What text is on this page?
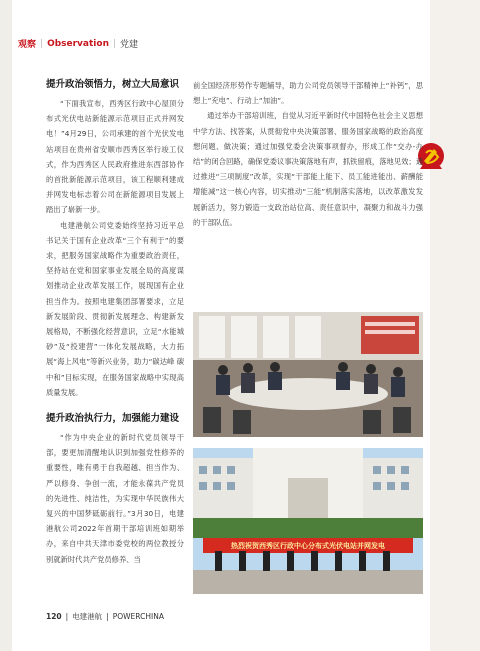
观察 | Observation | 党建
提升政治领悟力，树立大局意识

“下面我宣布，西秀区行政中心屋顶分布式光伏电站新能源示范项目正式并网发电！”4月29日，公司承建的首个光伏发电站项目在贵州省安顺市西秀区举行竣工仪式，作为西秀区人民政府推进东西部协作的首批新能源示范项目，该工程顺利建成并网发电标志着公司在新能源项目发展上踏出了崭新一步。

电建港航公司党委始终坚持习近平总书记关于国有企业改革“三个有利于”的要求，把服务国家战略作为重要政治责任，坚持站在党和国家事业发展全局的高度谋划推动企业改革发展工作，展现国有企业担当作为。按照电建集团部署要求，立足新发展阶段、贯彻新发展理念、构建新发展格局，不断强化经营意识，立足“水能城砂”及“投建营”一体化发展战略，大力拓展“海上风电”等新兴业务，助力“碳达峰 碳中和”目标实现，在服务国家战略中实现高质量发展。

提升政治执行力，加强能力建设

“作为中央企业的新时代党员领导干部，要更加清醒地认识到加强党性修养的重要性，唯有勇于自我超越、担当作为、严以修身、争创一流，才能永葆共产党员的先进性、纯洁性，为实现中华民族伟大复兴的中国梦砥砺前行。”3月30日，电建港航公司2022年首期干部培训班如期举办，来自中共天津市委党校的两位教授分别就新时代共产党员修养、当

前全国经济形势作专题辅导，助力公司党员领导干部精神上“补钙”，思想上“充电”、行动上“加油”。

通过举办干部培训班，自觉从习近平新时代中国特色社会主义思想中学方法、找答案，从贯彻党中央决策部署、服务国家战略的政治高度想问题、做决策；通过加强党委会决策事项督办，形成工作“交办-办结”的闭合回路，确保党委议事决策落地有声，抓铁留痕，落地见效；通过推进“三项制度”改革，实现“干部能上能下、员工能进能出、薪酬能增能减”这一核心内容，切实推动“三能”机制落实落地，以改革激发发展新活力，努力锻造一支政治站位高、责任意识中，凝聚力和战斗力强的干部队伍。

热烈祝贺西秀区行政中心分布式光伏电站并网发电
120 | 电建港航 | POWERCHINA
